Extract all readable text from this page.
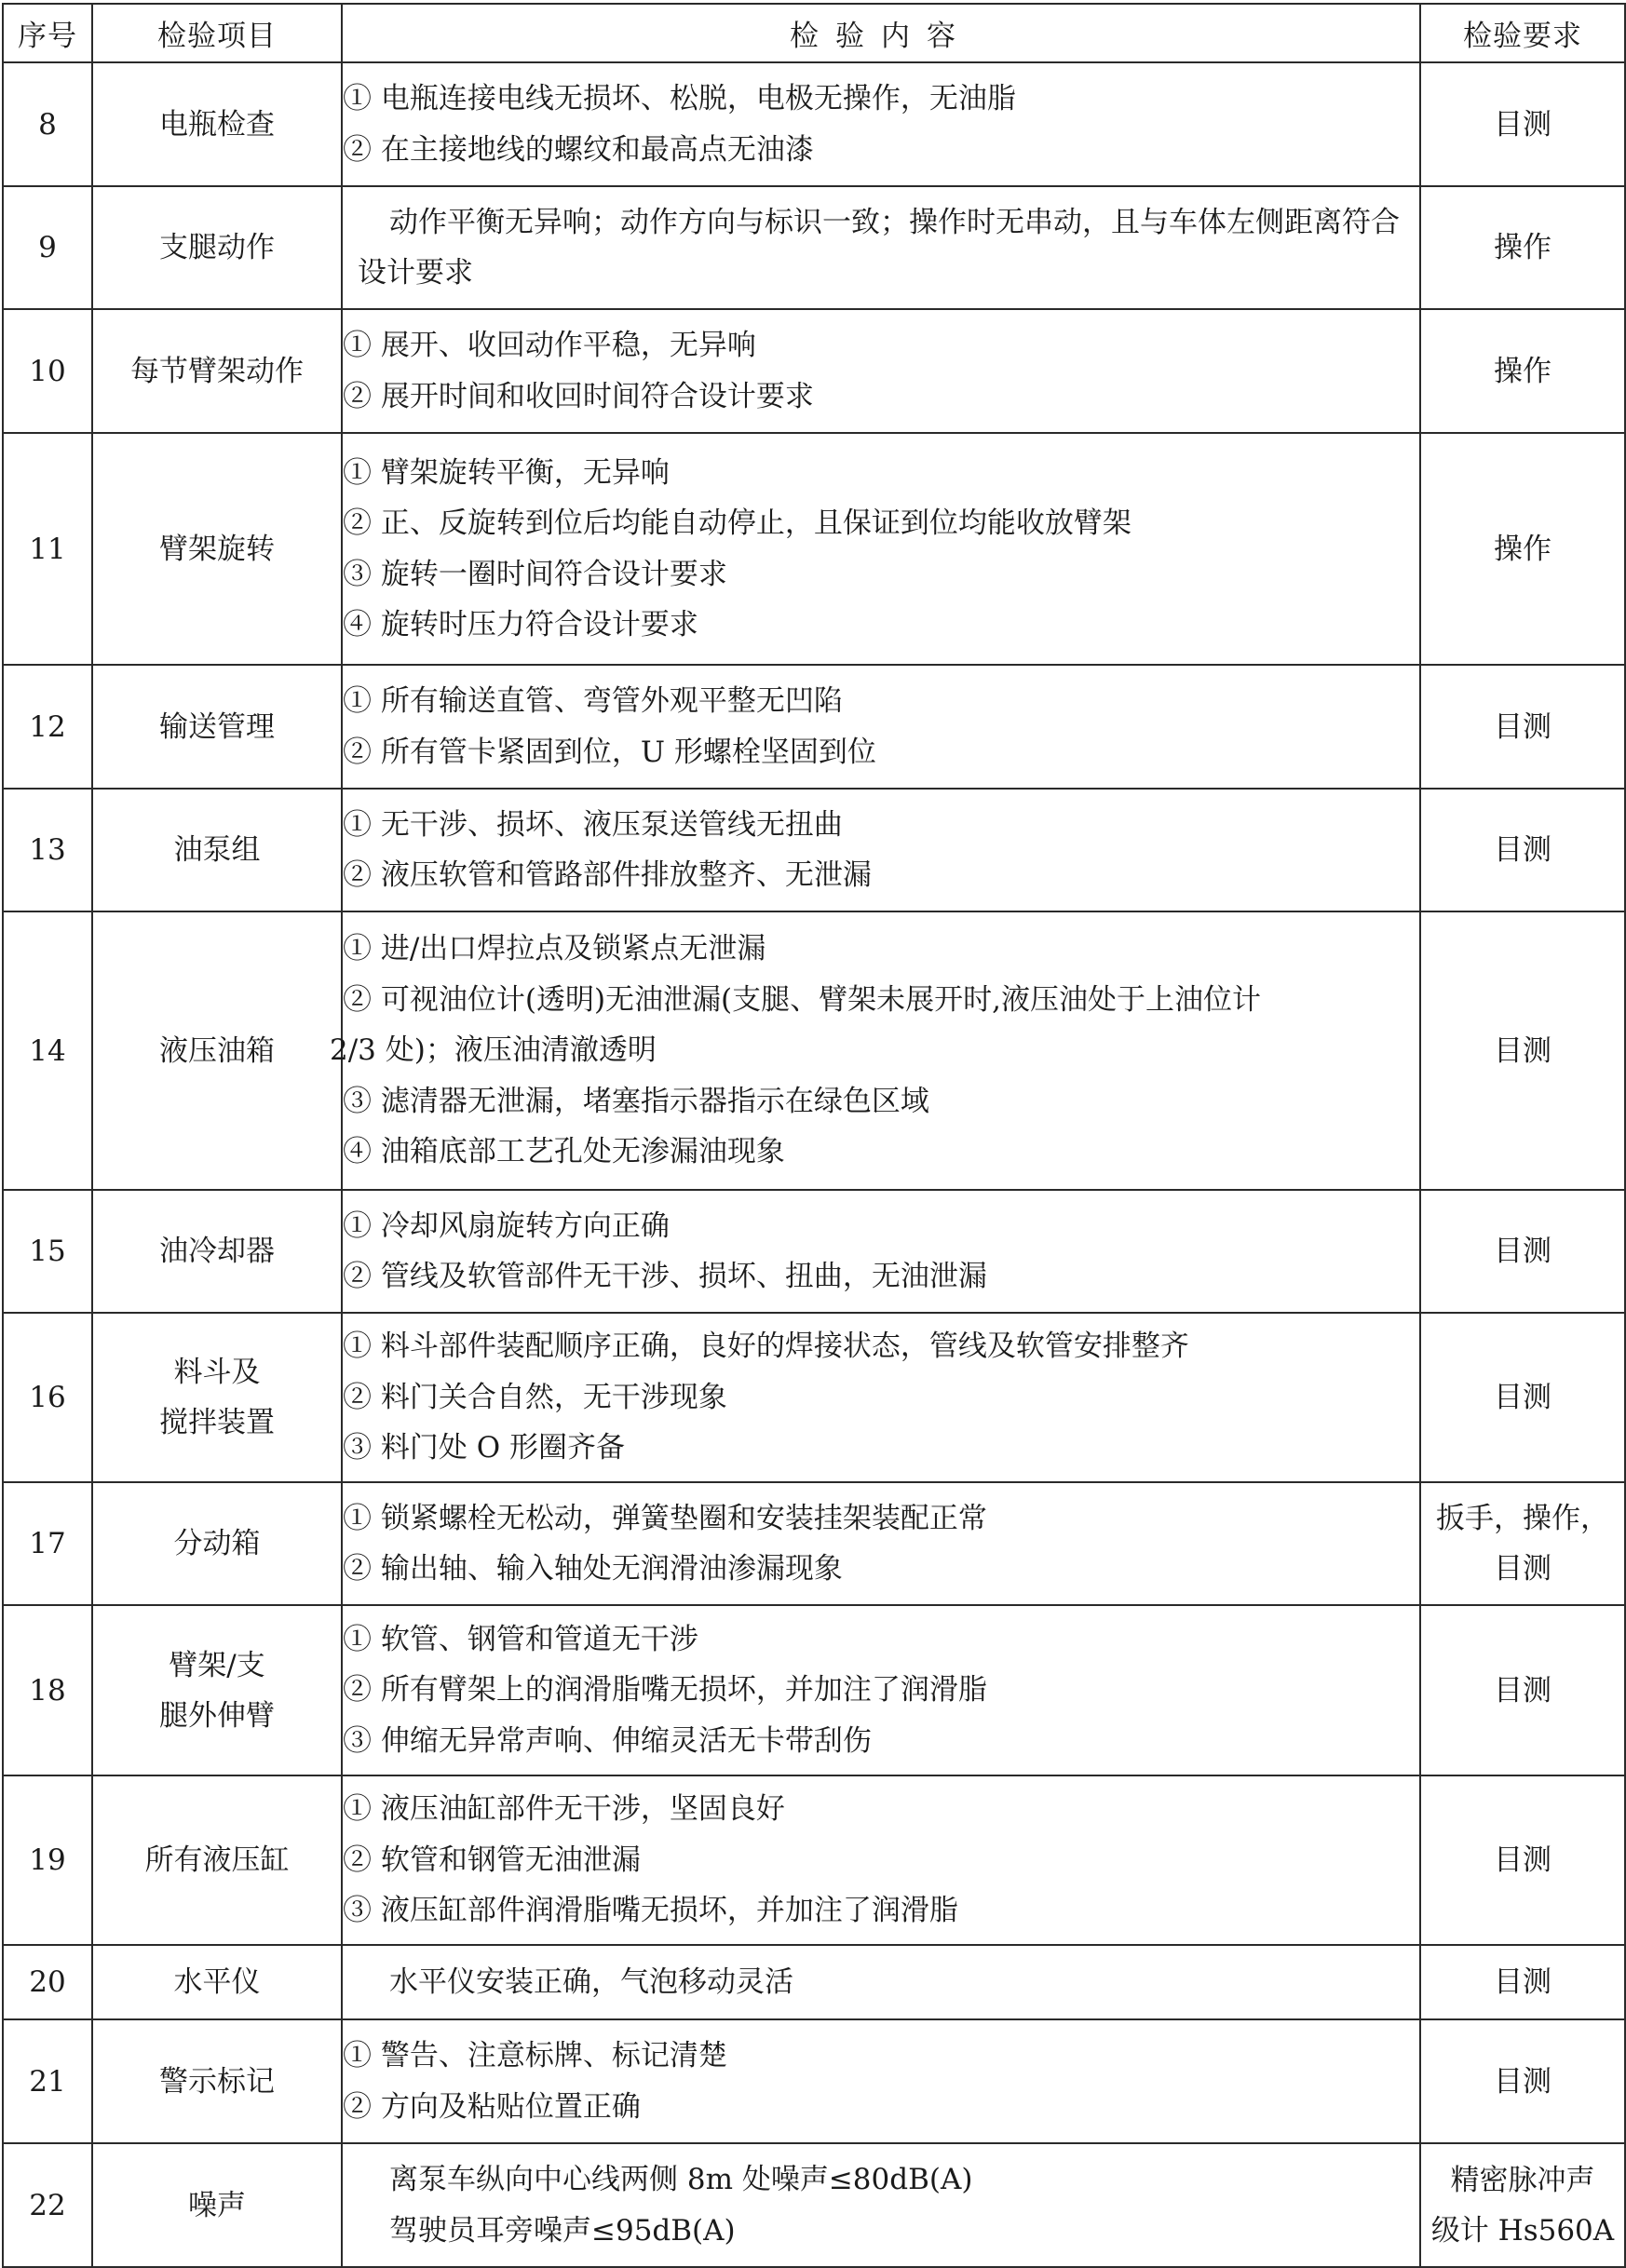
序号	检验项目	检验内容	检验要求
8	电瓶检查	① 电瓶连接电线无损坏、松脱，电极无操作，无油脂
② 在主接地线的螺纹和最高点无油漆	目测

9	支腿动作	动作平衡无异响；动作方向与标识一致；操作时无串动，且与车体左侧距离符合设计要求	操作

10	每节臂架动作	① 展开、收回动作平稳，无异响
② 展开时间和收回时间符合设计要求	操作

11	臂架旋转	① 臂架旋转平衡，无异响
② 正、反旋转到位后均能自动停止，且保证到位均能收放臂架
③ 旋转一圈时间符合设计要求
④ 旋转时压力符合设计要求	操作

12	输送管理	① 所有输送直管、弯管外观平整无凹陷
② 所有管卡紧固到位，U 形螺栓坚固到位	目测

13	油泵组	① 无干涉、损坏、液压泵送管线无扭曲
② 液压软管和管路部件排放整齐、无泄漏	目测

14	液压油箱	① 进/出口焊拉点及锁紧点无泄漏
② 可视油位计(透明)无油泄漏(支腿、臂架未展开时,液压油处于上油位计
2/3 处)；液压油清澈透明
③ 滤清器无泄漏，堵塞指示器指示在绿色区域
④ 油箱底部工艺孔处无渗漏油现象	目测

15	油冷却器	① 冷却风扇旋转方向正确
② 管线及软管部件无干涉、损坏、扭曲，无油泄漏	目测

16	料斗及
搅拌装置	① 料斗部件装配顺序正确，良好的焊接状态，管线及软管安排整齐
② 料门关合自然，无干涉现象
③ 料门处 O 形圈齐备	目测

17	分动箱	① 锁紧螺栓无松动，弹簧垫圈和安装挂架装配正常
② 输出轴、输入轴处无润滑油渗漏现象	扳手，操作，
目测

18	臂架/支
腿外伸臂	① 软管、钢管和管道无干涉
② 所有臂架上的润滑脂嘴无损坏，并加注了润滑脂
③ 伸缩无异常声响、伸缩灵活无卡带刮伤	目测

19	所有液压缸	① 液压油缸部件无干涉，坚固良好
② 软管和钢管无油泄漏
③ 液压缸部件润滑脂嘴无损坏，并加注了润滑脂	目测

20	水平仪	水平仪安装正确，气泡移动灵活	目测

21	警示标记	① 警告、注意标牌、标记清楚
② 方向及粘贴位置正确	目测

22	噪声	离泵车纵向中心线两侧 8m 处噪声≤80dB(A)
驾驶员耳旁噪声≤95dB(A)	精密脉冲声
级计 Hs560A
